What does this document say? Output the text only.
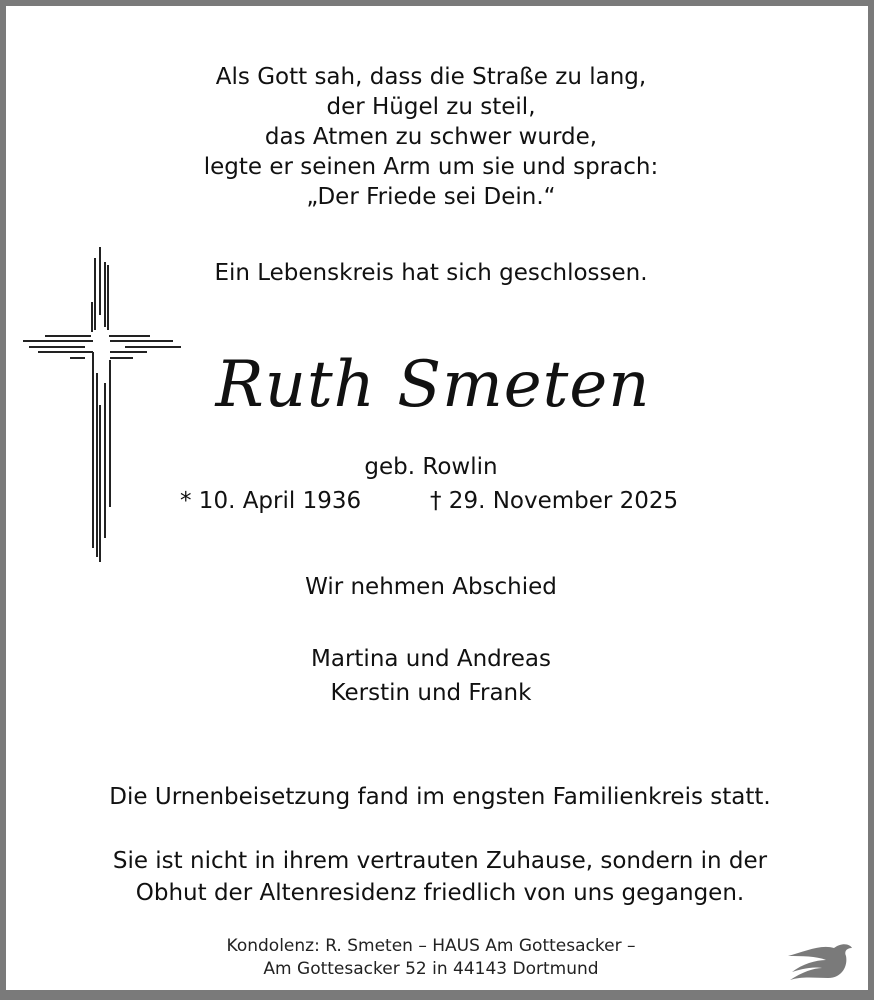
Als Gott sah, dass die Straße zu lang,
der Hügel zu steil,
das Atmen zu schwer wurde,
legte er seinen Arm um sie und sprach:
„Der Friede sei Dein.“
Ein Lebenskreis hat sich geschlossen.
Ruth Smeten
geb. Rowlin
* 10. April 1936	† 29. November 2025
Wir nehmen Abschied
Martina und Andreas
Kerstin und Frank
Die Urnenbeisetzung fand im engsten Familienkreis statt.
Sie ist nicht in ihrem vertrauten Zuhause, sondern in der
Obhut der Altenresidenz friedlich von uns gegangen.
Kondolenz: R. Smeten – HAUS Am Gottesacker –
Am Gottesacker 52 in 44143 Dortmund
